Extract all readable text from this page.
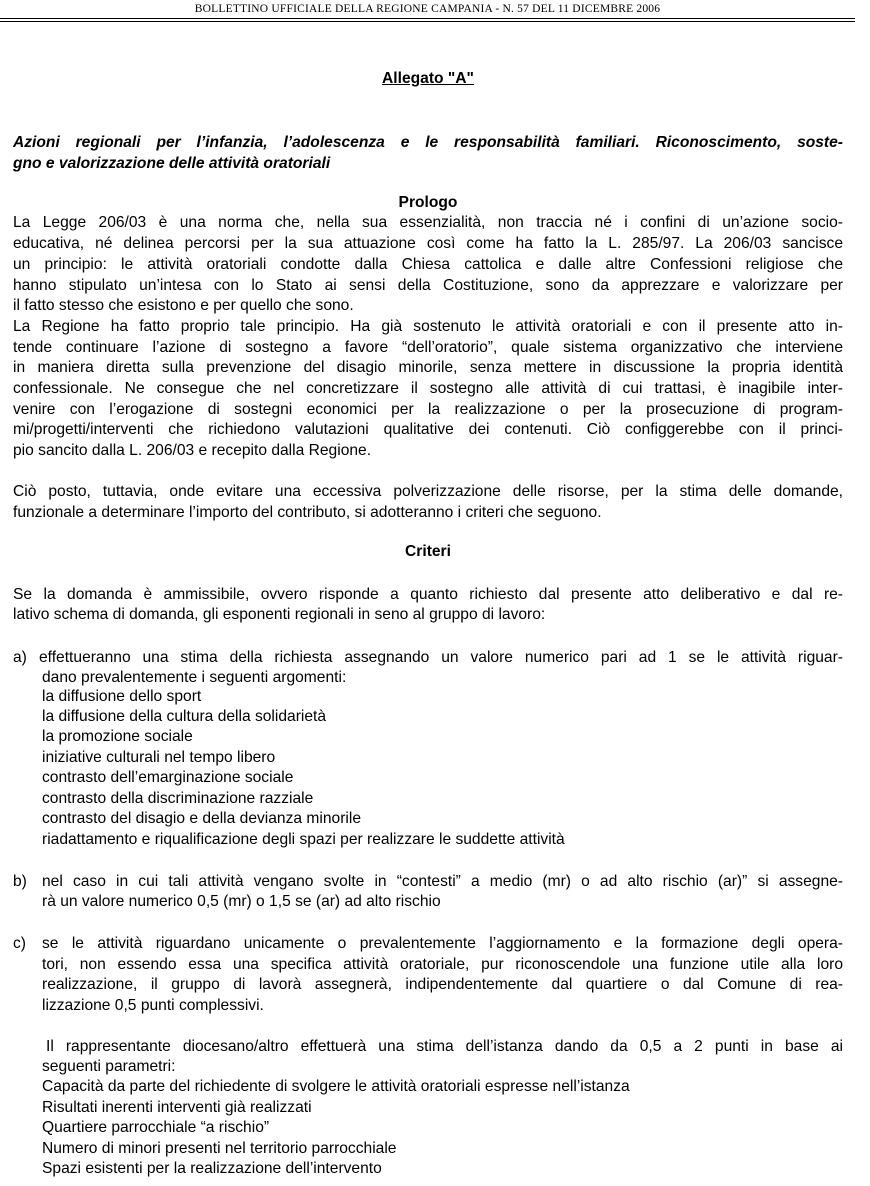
BOLLETTINO UFFICIALE DELLA REGIONE CAMPANIA - N. 57 DEL 11 DICEMBRE 2006
Allegato "A"
Azioni regionali per l’infanzia, l’adolescenza e le responsabilità familiari. Riconoscimento, soste-
gno e valorizzazione delle attività oratoriali
Prologo
La Legge 206/03 è una norma che, nella sua essenzialità, non traccia né i confini di un’azione socio-
educativa, né delinea percorsi per la sua attuazione così come ha fatto la L. 285/97. La 206/03 sancisce
un principio: le attività oratoriali condotte dalla Chiesa cattolica e dalle altre Confessioni religiose che
hanno stipulato un’intesa con lo Stato ai sensi della Costituzione, sono da apprezzare e valorizzare per
il fatto stesso che esistono e per quello che sono.
La Regione ha fatto proprio tale principio. Ha già sostenuto le attività oratoriali e con il presente atto in-
tende continuare l’azione di sostegno a favore “dell’oratorio”, quale sistema organizzativo che interviene
in maniera diretta sulla prevenzione del disagio minorile, senza mettere in discussione la propria identità
confessionale. Ne consegue che nel concretizzare il sostegno alle attività di cui trattasi, è inagibile inter-
venire con l’erogazione di sostegni economici per la realizzazione o per la prosecuzione di program-
mi/progetti/interventi che richiedono valutazioni qualitative dei contenuti. Ciò configgerebbe con il princi-
pio sancito dalla L. 206/03 e recepito dalla Regione.
Ciò posto, tuttavia, onde evitare una eccessiva polverizzazione delle risorse, per la stima delle domande,
funzionale a determinare l’importo del contributo, si adotteranno i criteri che seguono.
Criteri
Se la domanda è ammissibile, ovvero risponde a quanto richiesto dal presente atto deliberativo e dal re-
lativo schema di domanda, gli esponenti regionali in seno al gruppo di lavoro:
a) effettueranno una stima della richiesta assegnando un valore numerico pari ad 1 se le attività riguar-
dano prevalentemente i seguenti argomenti:
la diffusione dello sport
la diffusione della cultura della solidarietà
la promozione sociale
iniziative culturali nel tempo libero
contrasto dell’emarginazione sociale
contrasto della discriminazione razziale
contrasto del disagio e della devianza minorile
riadattamento e riqualificazione degli spazi per realizzare le suddette attività
b) nel caso in cui tali attività vengano svolte in “contesti” a medio (mr) o ad alto rischio (ar)” si assegne-
rà un valore numerico 0,5 (mr) o 1,5 se (ar) ad alto rischio
c) se le attività riguardano unicamente o prevalentemente l’aggiornamento e la formazione degli opera-
tori, non essendo essa una specifica attività oratoriale, pur riconoscendole una funzione utile alla loro
realizzazione, il gruppo di lavorà assegnerà, indipendentemente dal quartiere o dal Comune di rea-
lizzazione 0,5 punti complessivi.
Il rappresentante diocesano/altro effettuerà una stima dell’istanza dando da 0,5 a 2 punti in base ai
seguenti parametri:
Capacità da parte del richiedente di svolgere le attività oratoriali espresse nell’istanza
Risultati inerenti interventi già realizzati
Quartiere parrocchiale “a rischio”
Numero di minori presenti nel territorio parrocchiale
Spazi esistenti per la realizzazione dell’intervento
